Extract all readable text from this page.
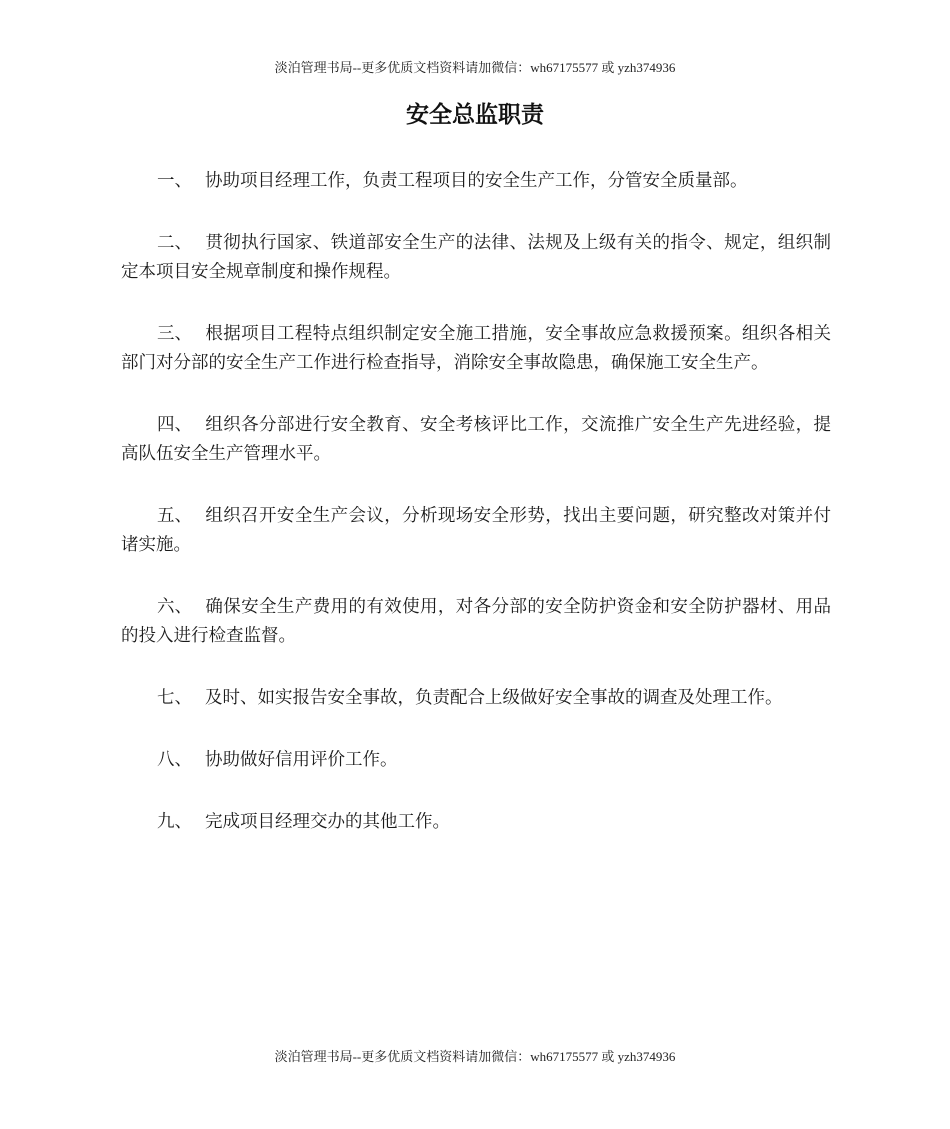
淡泊管理书局--更多优质文档资料请加微信：wh67175577 或 yzh374936
安全总监职责

一、 协助项目经理工作，负责工程项目的安全生产工作，分管安全质量部。

二、 贯彻执行国家、铁道部安全生产的法律、法规及上级有关的指令、规定，组织制定本项目安全规章制度和操作规程。

三、 根据项目工程特点组织制定安全施工措施，安全事故应急救援预案。组织各相关部门对分部的安全生产工作进行检查指导，消除安全事故隐患，确保施工安全生产。

四、 组织各分部进行安全教育、安全考核评比工作，交流推广安全生产先进经验，提高队伍安全生产管理水平。

五、 组织召开安全生产会议，分析现场安全形势，找出主要问题，研究整改对策并付诸实施。

六、 确保安全生产费用的有效使用，对各分部的安全防护资金和安全防护器材、用品的投入进行检查监督。

七、 及时、如实报告安全事故，负责配合上级做好安全事故的调查及处理工作。

八、 协助做好信用评价工作。

九、 完成项目经理交办的其他工作。

淡泊管理书局--更多优质文档资料请加微信：wh67175577 或 yzh374936
